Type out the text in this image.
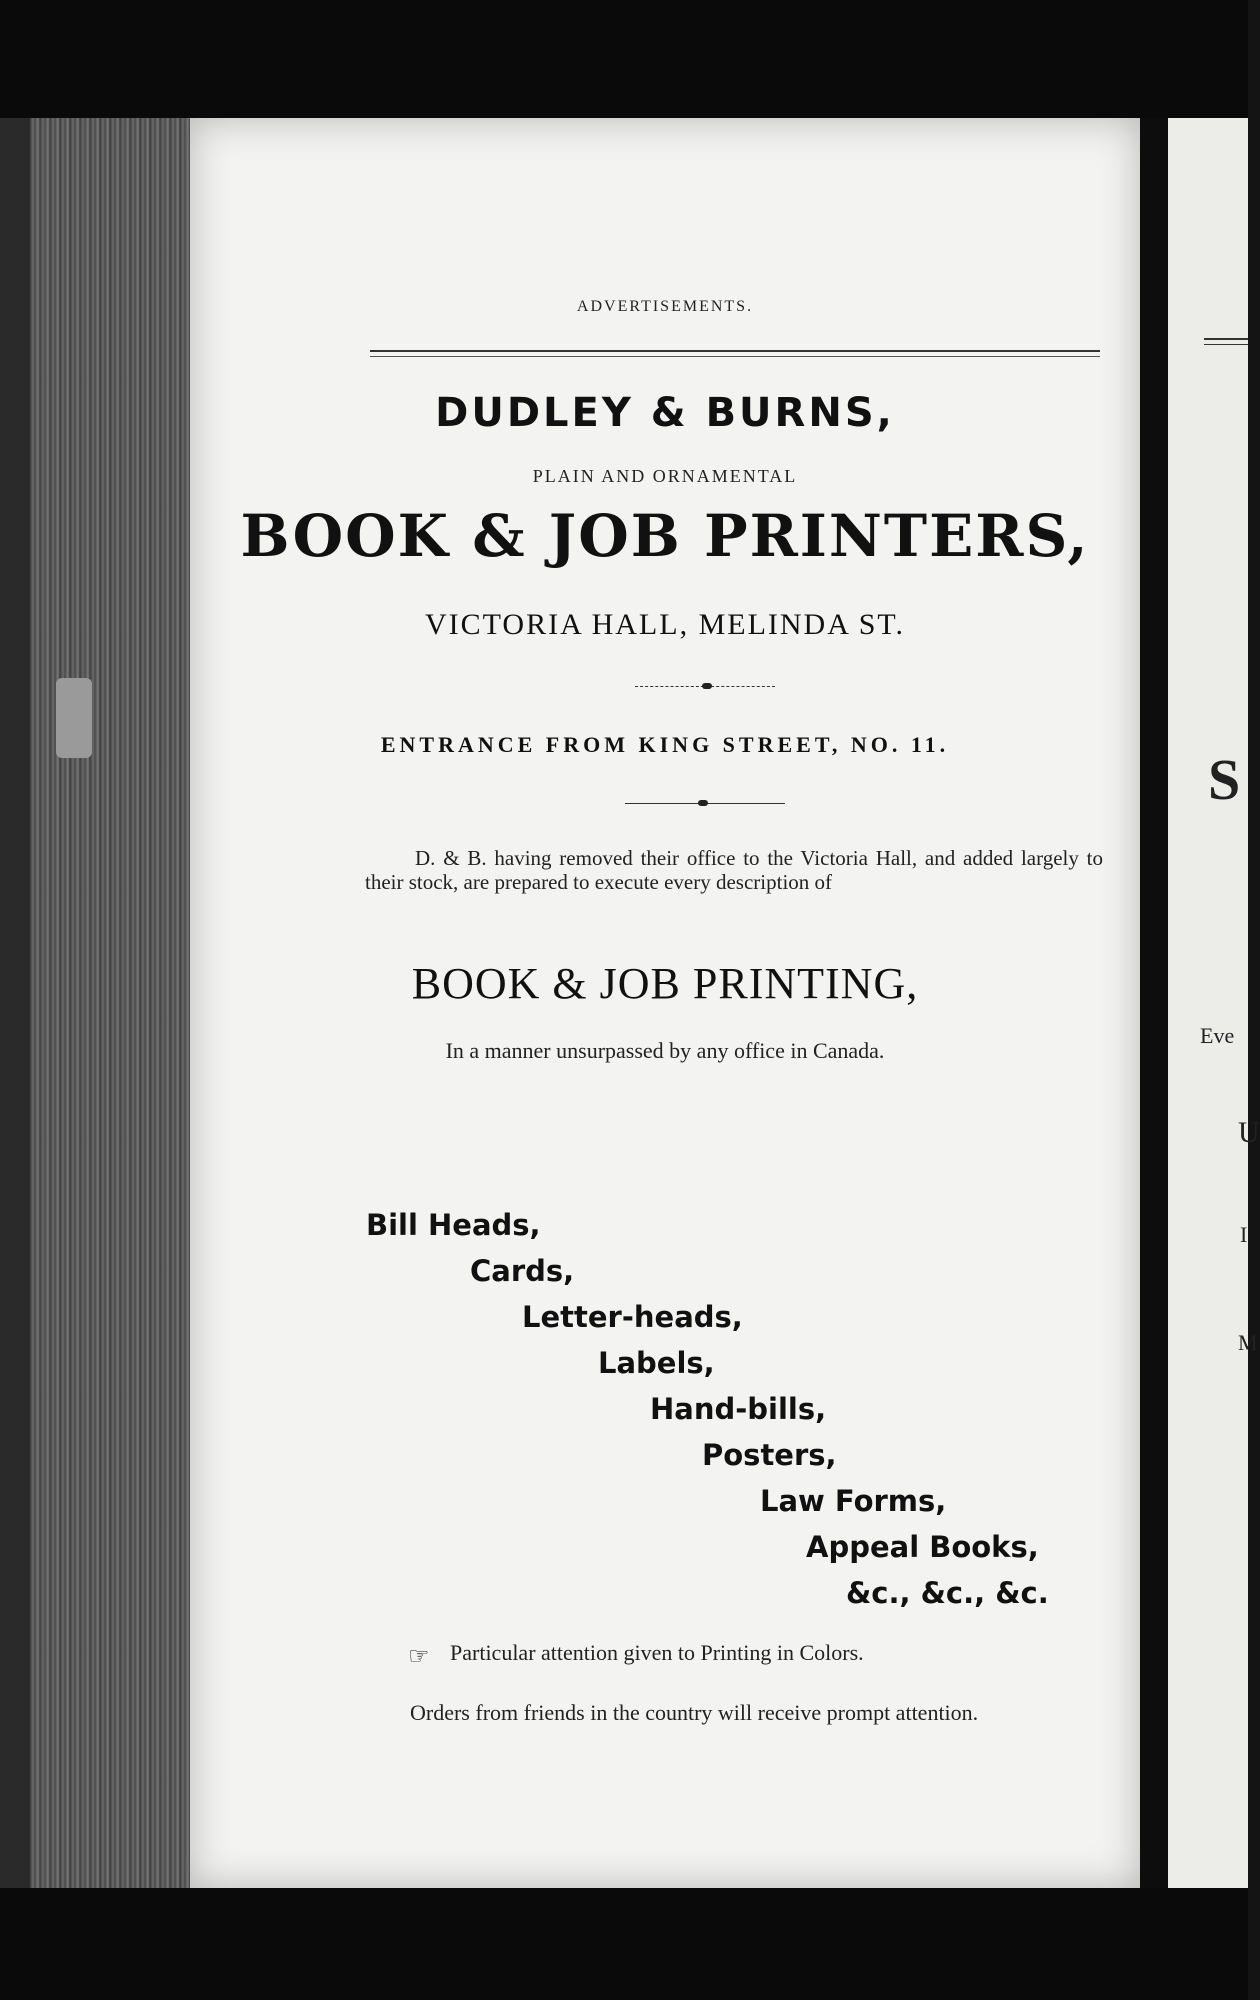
ADVERTISEMENTS.
DUDLEY & BURNS,
PLAIN AND ORNAMENTAL
BOOK & JOB PRINTERS,
VICTORIA HALL, MELINDA ST.
ENTRANCE FROM KING STREET, NO. 11.
D. & B. having removed their office to the Victoria Hall, and added largely to their stock, are prepared to execute every description of
BOOK & JOB PRINTING,
In a manner unsurpassed by any office in Canada.
Bill Heads,
Cards,
Letter-heads,
Labels,
Hand-bills,
Posters,
Law Forms,
Appeal Books,
&c., &c., &c.
☞ Particular attention given to Printing in Colors.
Orders from friends in the country will receive prompt attention.
S
Eve
U
I
M
